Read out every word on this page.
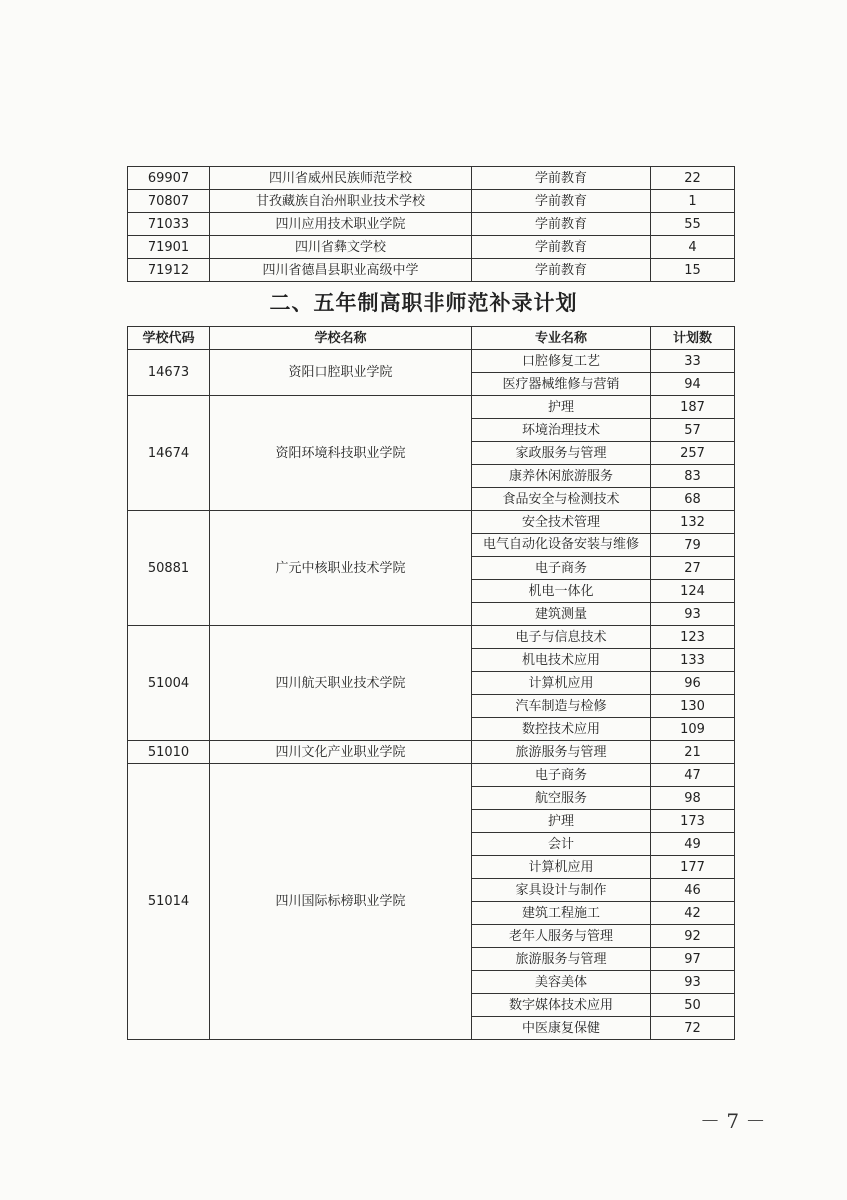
69907	四川省威州民族师范学校	学前教育	22
70807	甘孜藏族自治州职业技术学校	学前教育	1
71033	四川应用技术职业学院	学前教育	55
71901	四川省彝文学校	学前教育	4
71912	四川省德昌县职业高级中学	学前教育	15
二、五年制高职非师范补录计划
学校代码	学校名称	专业名称	计划数
14673	资阳口腔职业学院	口腔修复工艺	33
		医疗器械维修与营销	94
14674	资阳环境科技职业学院	护理	187
		环境治理技术	57
		家政服务与管理	257
		康养休闲旅游服务	83
		食品安全与检测技术	68
50881	广元中核职业技术学院	安全技术管理	132
		电气自动化设备安装与维修	79
		电子商务	27
		机电一体化	124
		建筑测量	93
51004	四川航天职业技术学院	电子与信息技术	123
		机电技术应用	133
		计算机应用	96
		汽车制造与检修	130
		数控技术应用	109
51010	四川文化产业职业学院	旅游服务与管理	21
51014	四川国际标榜职业学院	电子商务	47
		航空服务	98
		护理	173
		会计	49
		计算机应用	177
		家具设计与制作	46
		建筑工程施工	42
		老年人服务与管理	92
		旅游服务与管理	97
		美容美体	93
		数字媒体技术应用	50
		中医康复保健	72
－ 7 －
